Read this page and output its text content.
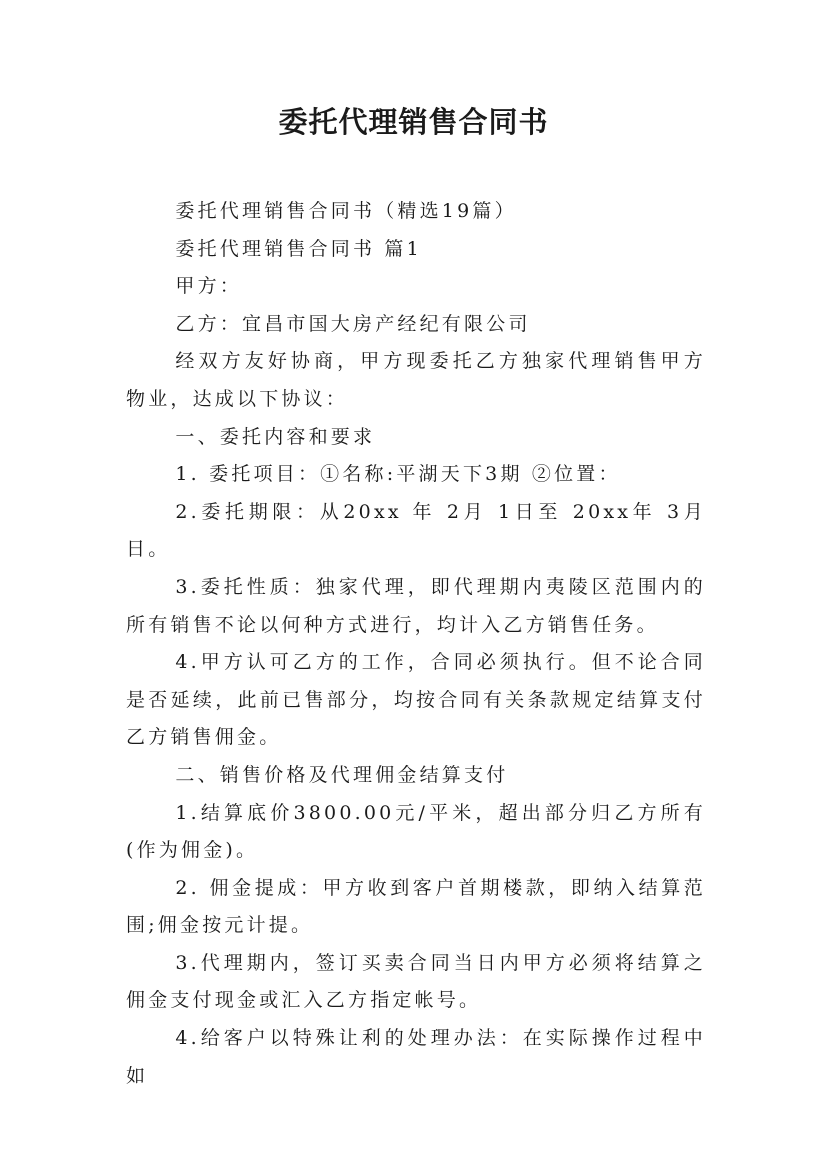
委托代理销售合同书

委托代理销售合同书（精选19篇）

委托代理销售合同书 篇1

甲方：

乙方：宜昌市国大房产经纪有限公司

经双方友好协商，甲方现委托乙方独家代理销售甲方物业，达成以下协议：

一、委托内容和要求

1. 委托项目：①名称:平湖天下3期 ②位置：

2.委托期限：从20xx 年 2月 1日至 20xx年 3月 日。

3.委托性质：独家代理，即代理期内夷陵区范围内的所有销售不论以何种方式进行，均计入乙方销售任务。

4.甲方认可乙方的工作，合同必须执行。但不论合同是否延续，此前已售部分，均按合同有关条款规定结算支付乙方销售佣金。

二、销售价格及代理佣金结算支付

1.结算底价3800.00元/平米，超出部分归乙方所有(作为佣金)。

2. 佣金提成：甲方收到客户首期楼款，即纳入结算范围;佣金按元计提。

3.代理期内，签订买卖合同当日内甲方必须将结算之佣金支付现金或汇入乙方指定帐号。

4.给客户以特殊让利的处理办法：在实际操作过程中如
